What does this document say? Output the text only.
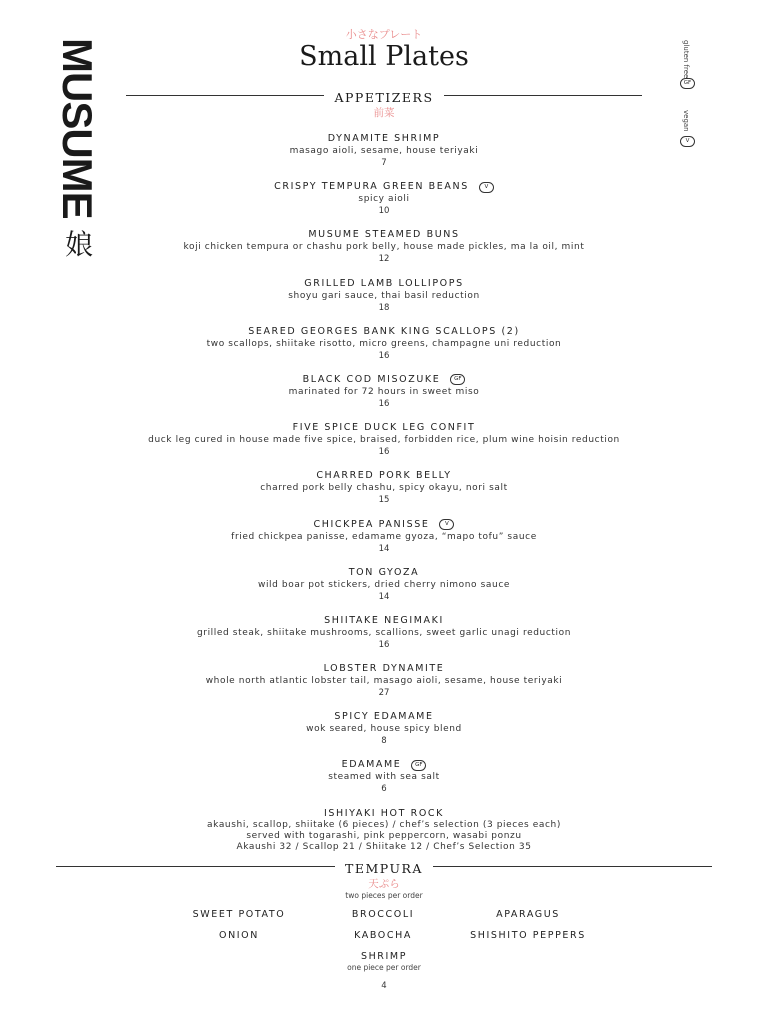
MUSUME
娘
gluten free
GF
vegan
V
小さなプレート
Small Plates
APPETIZERS
前菜
DYNAMITE SHRIMP
masago aioli, sesame, house teriyaki
7
CRISPY TEMPURA GREEN BEANS	V
spicy aioli
10
MUSUME STEAMED BUNS
koji chicken tempura or chashu pork belly, house made pickles, ma la oil, mint
12
GRILLED LAMB LOLLIPOPS
shoyu gari sauce, thai basil reduction
18
SEARED GEORGES BANK KING SCALLOPS (2)
two scallops, shiitake risotto, micro greens, champagne uni reduction
16
BLACK COD MISOZUKE	GF
marinated for 72 hours in sweet miso
16
FIVE SPICE DUCK LEG CONFIT
duck leg cured in house made five spice, braised, forbidden rice, plum wine hoisin reduction
16
CHARRED PORK BELLY
charred pork belly chashu, spicy okayu, nori salt
15
CHICKPEA PANISSE	V
fried chickpea panisse, edamame gyoza, “mapo tofu” sauce
14
TON GYOZA
wild boar pot stickers, dried cherry nimono sauce
14
SHIITAKE NEGIMAKI
grilled steak, shiitake mushrooms, scallions, sweet garlic unagi reduction
16
LOBSTER DYNAMITE
whole north atlantic lobster tail, masago aioli, sesame, house teriyaki
27
SPICY EDAMAME
wok seared, house spicy blend
8
EDAMAME	GF
steamed with sea salt
6
ISHIYAKI HOT ROCK
akaushi, scallop, shiitake (6 pieces) / chef’s selection (3 pieces each)
served with togarashi, pink peppercorn, wasabi ponzu
Akaushi 32 / Scallop 21 / Shiitake 12 / Chef’s Selection 35
TEMPURA
天ぷら
two pieces per order
SWEET POTATO	BROCCOLI	APARAGUS
ONION	KABOCHA	SHISHITO PEPPERS
SHRIMP
one piece per order
4
